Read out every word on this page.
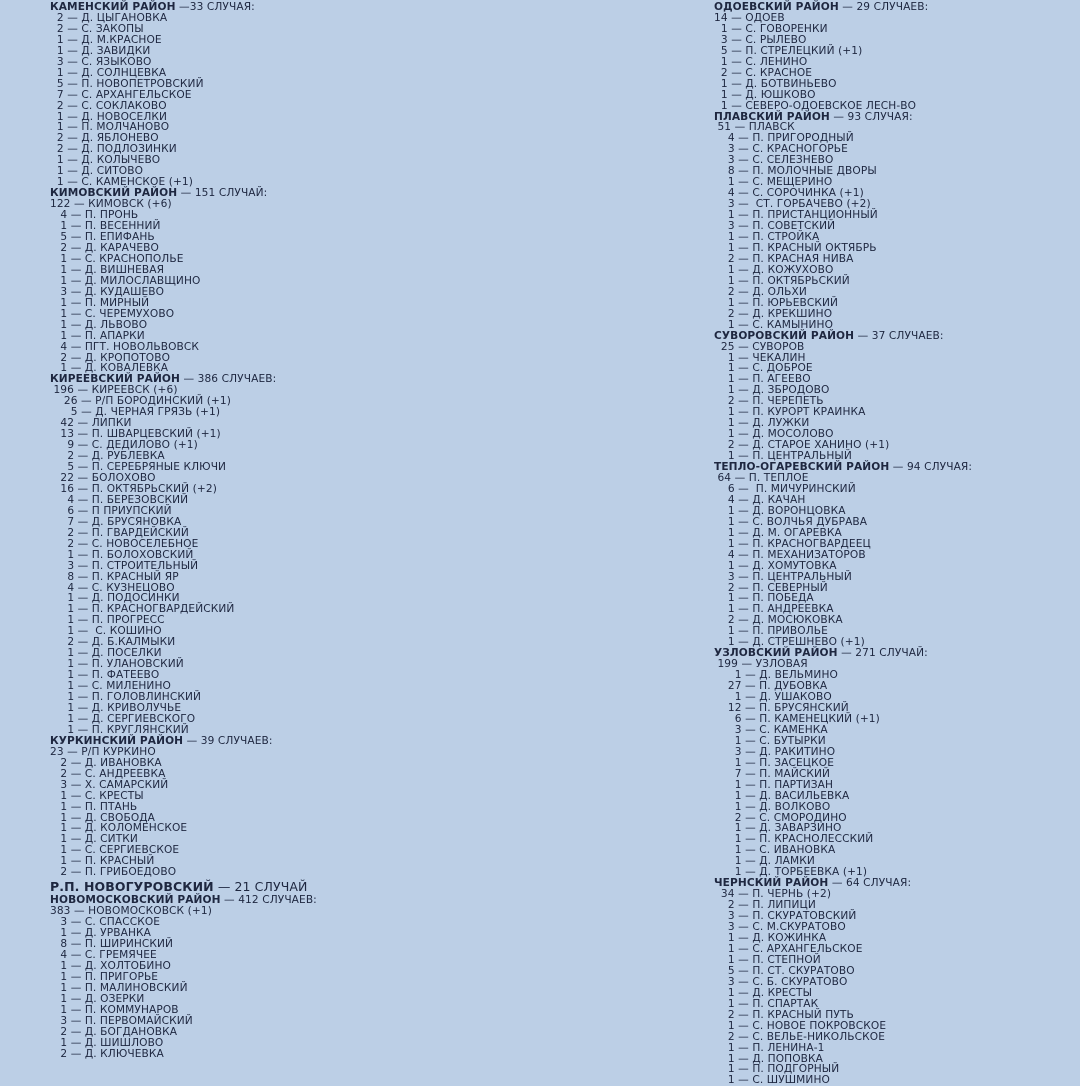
КАМЕНСКИЙ РАЙОН —33 СЛУЧАЯ:
2 — Д. ЦЫГАНОВКА
2 — С. ЗАКОПЫ
1 — Д. М.КРАСНОЕ
1 — Д. ЗАВИДКИ
3 — С. ЯЗЫКОВО
1 — Д. СОЛНЦЕВКА
5 — П. НОВОПЕТРОВСКИЙ
7 — С. АРХАНГЕЛЬСКОЕ
2 — С. СОКЛАКОВО
1 — Д. НОВОСЕЛКИ
1 — П. МОЛЧАНОВО
2 — Д. ЯБЛОНЕВО
2 — Д. ПОДЛОЗИНКИ
1 — Д. КОЛЫЧЕВО
1 — Д. СИТОВО
1 — С. КАМЕНСКОЕ (+1)
КИМОВСКИЙ РАЙОН — 151 СЛУЧАЙ:
122 — КИМОВСК (+6)
4 — П. ПРОНЬ
1 — П. ВЕСЕННИЙ
5 — П. ЕПИФАНЬ
2 — Д. КАРАЧЕВО
1 — С. КРАСНОПОЛЬЕ
1 — Д. ВИШНЕВАЯ
1 — Д. МИЛОСЛАВЩИНО
3 — Д. КУДАШЕВО
1 — П. МИРНЫЙ
1 — С. ЧЕРЕМУХОВО
1 — Д. ЛЬВОВО
1 — П. АПАРКИ
4 — ПГТ. НОВОЛЬВОВСК
2 — Д. КРОПОТОВО
1 — Д. КОВАЛЕВКА
КИРЕЕВСКИЙ РАЙОН — 386 СЛУЧАЕВ:
196 — КИРЕЕВСК (+6)
26 — Р/П БОРОДИНСКИЙ (+1)
5 — Д. ЧЕРНАЯ ГРЯЗЬ (+1)
42 — ЛИПКИ
13 — П. ШВАРЦЕВСКИЙ (+1)
9 — С. ДЕДИЛОВО (+1)
2 — Д. РУБЛЕВКА
5 — П. СЕРЕБРЯНЫЕ КЛЮЧИ
22 — БОЛОХОВО
16 — П. ОКТЯБРЬСКИЙ (+2)
4 — П. БЕРЕЗОВСКИЙ
6 — П ПРИУПСКИЙ
7 — Д. БРУСЯНОВКА
2 — П. ГВАРДЕЙСКИЙ
2 — С. НОВОСЕЛЕБНОЕ
1 — П. БОЛОХОВСКИЙ
3 — П. СТРОИТЕЛЬНЫЙ
8 — П. КРАСНЫЙ ЯР
4 — С. КУЗНЕЦОВО
1 — Д. ПОДОСИНКИ
1 — П. КРАСНОГВАРДЕЙСКИЙ
1 — П. ПРОГРЕСС
1 —  С. КОШИНО
2 — Д. Б.КАЛМЫКИ
1 — Д. ПОСЕЛКИ
1 — П. УЛАНОВСКИЙ
1 — П. ФАТЕЕВО
1 — С. МИЛЕНИНО
1 — П. ГОЛОВЛИНСКИЙ
1 — Д. КРИВОЛУЧЬЕ
1 — Д. СЕРГИЕВСКОГО
1 — П. КРУГЛЯНСКИЙ
КУРКИНСКИЙ РАЙОН — 39 СЛУЧАЕВ:
23 — Р/П КУРКИНО
2 — Д. ИВАНОВКА
2 — С. АНДРЕЕВКА
3 — Х. САМАРСКИЙ
1 — С. КРЕСТЫ
1 — П. ПТАНЬ
1 — Д. СВОБОДА
1 — Д. КОЛОМЕНСКОЕ
1 — Д. СИТКИ
1 — С. СЕРГИЕВСКОЕ
1 — П. КРАСНЫЙ
2 — П. ГРИБОЕДОВО
Р.П. НОВОГУРОВСКИЙ — 21 СЛУЧАЙ
НОВОМОСКОВСКИЙ РАЙОН — 412 СЛУЧАЕВ:
383 — НОВОМОСКОВСК (+1)
3 — С. СПАССКОЕ
1 — Д. УРВАНКА
8 — П. ШИРИНСКИЙ
4 — С. ГРЕМЯЧЕЕ
1 — Д. ХОЛТОБИНО
1 — П. ПРИГОРЬЕ
1 — П. МАЛИНОВСКИЙ
1 — Д. ОЗЕРКИ
1 — П. КОММУНАРОВ
3 — П. ПЕРВОМАЙСКИЙ
2 — Д. БОГДАНОВКА
1 — Д. ШИШЛОВО
2 — Д. КЛЮЧЕВКА
ОДОЕВСКИЙ РАЙОН — 29 СЛУЧАЕВ:
14 — ОДОЕВ
1 — С. ГОВОРЕНКИ
3 — С. РЫЛЕВО
5 — П. СТРЕЛЕЦКИЙ (+1)
1 — С. ЛЕНИНО
2 — С. КРАСНОЕ
1 — Д. БОТВИНЬЕВО
1 — Д. ЮШКОВО
1 — СЕВЕРО-ОДОЕВСКОЕ ЛЕСН-ВО
ПЛАВСКИЙ РАЙОН — 93 СЛУЧАЯ:
51 — ПЛАВСК
4 — П. ПРИГОРОДНЫЙ
3 — С. КРАСНОГОРЬЕ
3 — С. СЕЛЕЗНЕВО
8 — П. МОЛОЧНЫЕ ДВОРЫ
1 — С. МЕЩЕРИНО
4 — С. СОРОЧИНКА (+1)
3 —  СТ. ГОРБАЧЕВО (+2)
1 — П. ПРИСТАНЦИОННЫЙ
3 — П. СОВЕТСКИЙ
1 — П. СТРОЙКА
1 — П. КРАСНЫЙ ОКТЯБРЬ
2 — П. КРАСНАЯ НИВА
1 — Д. КОЖУХОВО
1 — П. ОКТЯБРЬСКИЙ
2 — Д. ОЛЬХИ
1 — П. ЮРЬЕВСКИЙ
2 — Д. КРЕКШИНО
1 — С. КАМЫНИНО
СУВОРОВСКИЙ РАЙОН — 37 СЛУЧАЕВ:
25 — СУВОРОВ
1 — ЧЕКАЛИН
1 — С. ДОБРОЕ
1 — П. АГЕЕВО
1 — Д. ЗБРОДОВО
2 — П. ЧЕРЕПЕТЬ
1 — П. КУРОРТ КРАИНКА
1 — Д. ЛУЖКИ
1 — Д. МОСОЛОВО
2 — Д. СТАРОЕ ХАНИНО (+1)
1 — П. ЦЕНТРАЛЬНЫЙ
ТЕПЛО-ОГАРЕВСКИЙ РАЙОН — 94 СЛУЧАЯ:
64 — П. ТЕПЛОЕ
6 —  П. МИЧУРИНСКИЙ
4 — Д. КАЧАН
1 — Д. ВОРОНЦОВКА
1 — С. ВОЛЧЬЯ ДУБРАВА
1 — Д. М. ОГАРЕВКА
1 — П. КРАСНОГВАРДЕЕЦ
4 — П. МЕХАНИЗАТОРОВ
1 — Д. ХОМУТОВКА
3 — П. ЦЕНТРАЛЬНЫЙ
2 — П. СЕВЕРНЫЙ
1 — П. ПОБЕДА
1 — П. АНДРЕЕВКА
2 — Д. МОСЮКОВКА
1 — П. ПРИВОЛЬЕ
1 — Д. СТРЕШНЕВО (+1)
УЗЛОВСКИЙ РАЙОН — 271 СЛУЧАЙ:
199 — УЗЛОВАЯ
1 — Д. ВЕЛЬМИНО
27 — П. ДУБОВКА
1 — Д. УШАКОВО
12 — П. БРУСЯНСКИЙ
6 — П. КАМЕНЕЦКИЙ (+1)
3 — С. КАМЕНКА
1 — С. БУТЫРКИ
3 — Д. РАКИТИНО
1 — П. ЗАСЕЦКОЕ
7 — П. МАЙСКИЙ
1 — П. ПАРТИЗАН
1 — Д. ВАСИЛЬЕВКА
1 — Д. ВОЛКОВО
2 — С. СМОРОДИНО
1 — Д. ЗАВАРЗИНО
1 — П. КРАСНОЛЕССКИЙ
1 — С. ИВАНОВКА
1 — Д. ЛАМКИ
1 — Д. ТОРБЕЕВКА (+1)
ЧЕРНСКИЙ РАЙОН — 64 СЛУЧАЯ:
34 — П. ЧЕРНЬ (+2)
2 — П. ЛИПИЦИ
3 — П. СКУРАТОВСКИЙ
3 — С. М.СКУРАТОВО
1 — Д. КОЖИНКА
1 — С. АРХАНГЕЛЬСКОЕ
1 — П. СТЕПНОЙ
5 — П. СТ. СКУРАТОВО
3 — С. Б. СКУРАТОВО
1 — Д. КРЕСТЫ
1 — П. СПАРТАК
2 — П. КРАСНЫЙ ПУТЬ
1 — С. НОВОЕ ПОКРОВСКОЕ
2 — С. ВЕЛЬЕ-НИКОЛЬСКОЕ
1 — П. ЛЕНИНА-1
1 — Д. ПОПОВКА
1 — П. ПОДГОРНЫЙ
1 — С. ШУШМИНО
